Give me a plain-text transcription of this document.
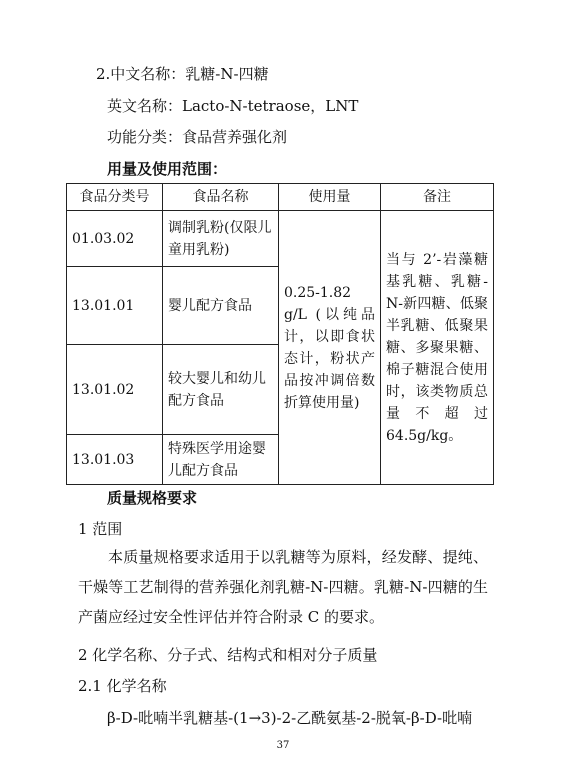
2.中文名称：乳糖-N-四糖
英文名称：Lacto-N-tetraose，LNT
功能分类：食品营养强化剂
用量及使用范围：
食品分类号	食品名称	使用量	备注
01.03.02	调制乳粉(仅限儿童用乳粉)	0.25-1.82 g/L (以纯品计，以即食状态计，粉状产品按冲调倍数折算使用量)	当与 2’-岩藻糖基乳糖、乳糖-N-新四糖、低聚半乳糖、低聚果糖、多聚果糖、棉子糖混合使用时，该类物质总量不超过64.5g/kg。
13.01.01	婴儿配方食品		
13.01.02	较大婴儿和幼儿配方食品		
13.01.03	特殊医学用途婴儿配方食品		
质量规格要求
1 范围
本质量规格要求适用于以乳糖等为原料，经发酵、提纯、干燥等工艺制得的营养强化剂乳糖-N-四糖。乳糖-N-四糖的生产菌应经过安全性评估并符合附录 C 的要求。
2 化学名称、分子式、结构式和相对分子质量
2.1 化学名称
β-D-吡喃半乳糖基-(1→3)-2-乙酰氨基-2-脱氧-β-D-吡喃
37
